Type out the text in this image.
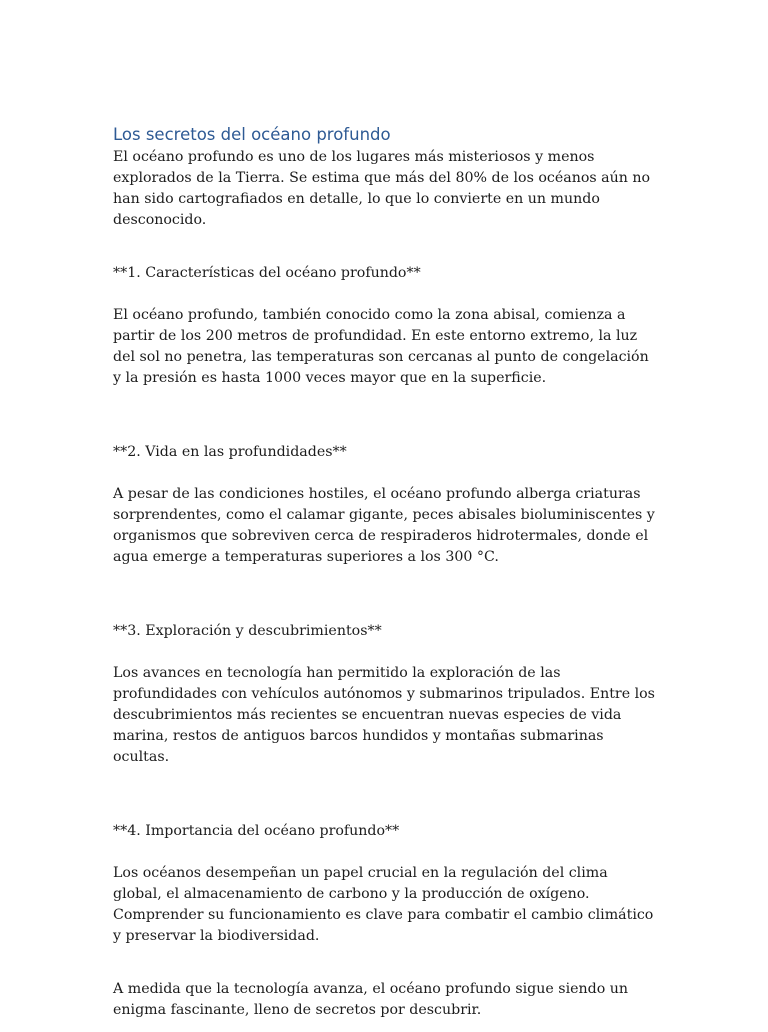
Los secretos del océano profundo

El océano profundo es uno de los lugares más misteriosos y menos explorados de la Tierra. Se estima que más del 80% de los océanos aún no han sido cartografiados en detalle, lo que lo convierte en un mundo desconocido.

**1. Características del océano profundo**

El océano profundo, también conocido como la zona abisal, comienza a partir de los 200 metros de profundidad. En este entorno extremo, la luz del sol no penetra, las temperaturas son cercanas al punto de congelación y la presión es hasta 1000 veces mayor que en la superficie.

**2. Vida en las profundidades**

A pesar de las condiciones hostiles, el océano profundo alberga criaturas sorprendentes, como el calamar gigante, peces abisales bioluminiscentes y organismos que sobreviven cerca de respiraderos hidrotermales, donde el agua emerge a temperaturas superiores a los 300 °C.

**3. Exploración y descubrimientos**

Los avances en tecnología han permitido la exploración de las profundidades con vehículos autónomos y submarinos tripulados. Entre los descubrimientos más recientes se encuentran nuevas especies de vida marina, restos de antiguos barcos hundidos y montañas submarinas ocultas.

**4. Importancia del océano profundo**

Los océanos desempeñan un papel crucial en la regulación del clima global, el almacenamiento de carbono y la producción de oxígeno. Comprender su funcionamiento es clave para combatir el cambio climático y preservar la biodiversidad.

A medida que la tecnología avanza, el océano profundo sigue siendo un enigma fascinante, lleno de secretos por descubrir.
